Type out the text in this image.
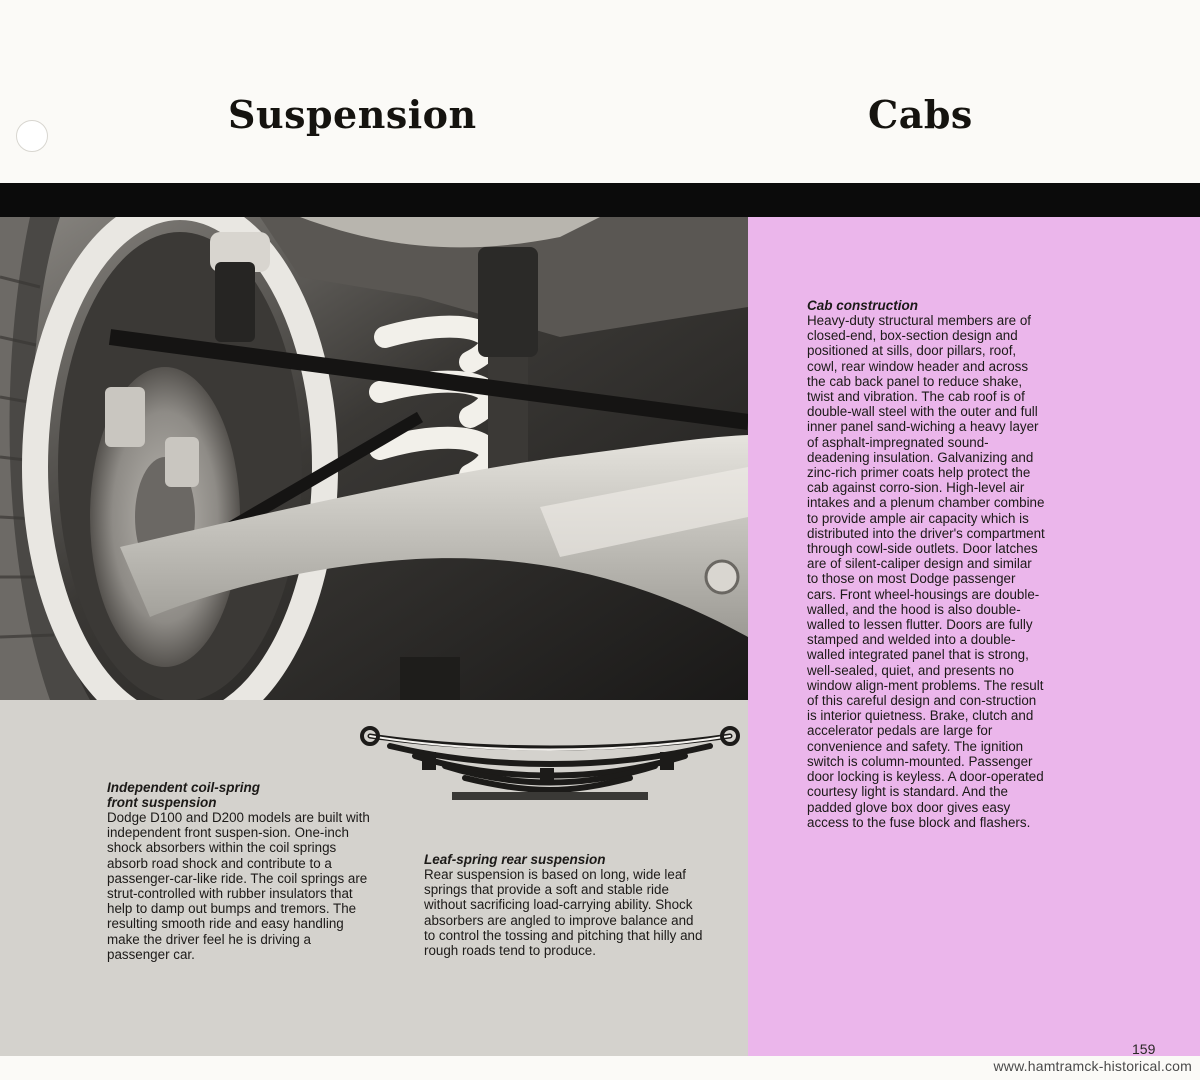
Suspension	Cabs

Independent coil-spring

front suspension

Dodge D100 and D200 models are built with independent front suspen-sion. One-inch shock absorbers within the coil springs absorb road shock and contribute to a passenger-car-like ride. The coil springs are strut-controlled with rubber insulators that help to damp out bumps and tremors. The resulting smooth ride and easy handling make the driver feel he is driving a passenger car.

Leaf-spring rear suspension

Rear suspension is based on long, wide leaf springs that provide a soft and stable ride without sacrificing load-carrying ability. Shock absorbers are angled to improve balance and to control the tossing and pitching that hilly and rough roads tend to produce.

Cab construction

Heavy-duty structural members are of closed-end, box-section design and positioned at sills, door pillars, roof, cowl, rear window header and across the cab back panel to reduce shake, twist and vibration. The cab roof is of double-wall steel with the outer and full inner panel sand-wiching a heavy layer of asphalt-impregnated sound-deadening insulation. Galvanizing and zinc-rich primer coats help protect the cab against corro-sion. High-level air intakes and a plenum chamber combine to provide ample air capacity which is distributed into the driver's compartment through cowl-side outlets. Door latches are of silent-caliper design and similar to those on most Dodge passenger cars. Front wheel-housings are double-walled, and the hood is also double-walled to lessen flutter. Doors are fully stamped and welded into a double-walled integrated panel that is strong, well-sealed, quiet, and presents no window align-ment problems. The result of this careful design and con-struction is interior quietness. Brake, clutch and accelerator pedals are large for convenience and safety. The ignition switch is column-mounted. Passenger door locking is keyless. A door-operated courtesy light is standard. And the padded glove box door gives easy access to the fuse block and flashers.

159
www.hamtramck-historical.com
